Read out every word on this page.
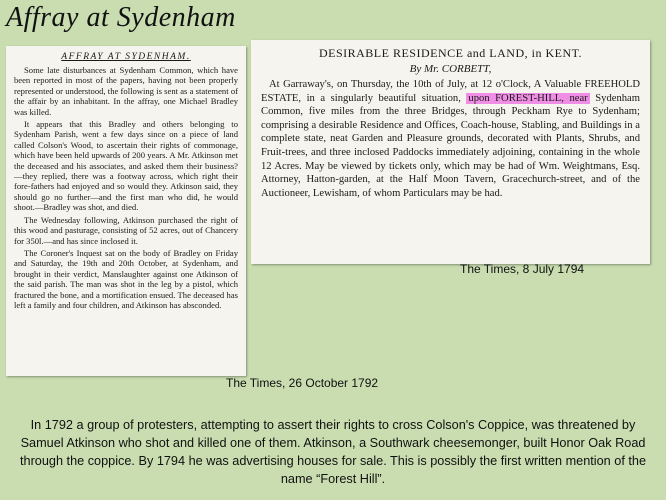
Affray at Sydenham
AFFRAY AT SYDENHAM.

Some late disturbances at Sydenham Common, which have been reported in most of the papers, having not been properly represented or understood, the following is sent as a statement of the affair by an inhabitant. In the affray, one Michael Bradley was killed.

It appears that this Bradley and others belonging to Sydenham Parish, went a few days since on a piece of land called Colson's Wood, to ascertain their rights of commonage, which have been held upwards of 200 years. A Mr. Atkinson met the deceased and his associates, and asked them their business?—they replied, there was a footway across, which right their fore-fathers had enjoyed and so would they. Atkinson said, they should go no further—and the first man who did, he would shoot.—Bradley was shot, and died.

The Wednesday following, Atkinson purchased the right of this wood and pasturage, consisting of 52 acres, out of Chancery for 350l.—and has since inclosed it.

The Coroner's Inquest sat on the body of Bradley on Friday and Saturday, the 19th and 20th October, at Sydenham, and brought in their verdict, Manslaughter against one Atkinson of the said parish. The man was shot in the leg by a pistol, which fractured the bone, and a mortification ensued. The deceased has left a family and four children, and Atkinson has absconded.

DESIRABLE RESIDENCE and LAND, in KENT.
By Mr. CORBETT,

At Garraway's, on Thursday, the 10th of July, at 12 o'Clock, A Valuable FREEHOLD ESTATE, in a singularly beautiful situation, upon FOREST-HILL, near Sydenham Common, five miles from the three Bridges, through Peckham Rye to Sydenham; comprising a desirable Residence and Offices, Coach-house, Stabling, and Buildings in a complete state, neat Garden and Pleasure grounds, decorated with Plants, Shrubs, and Fruit-trees, and three inclosed Paddocks immediately adjoining, containing in the whole 12 Acres. May be viewed by tickets only, which may be had of Wm. Weightmans, Esq. Attorney, Hatton-garden, at the Half Moon Tavern, Gracechurch-street, and of the Auctioneer, Lewisham, of whom Particulars may be had.

The Times, 8 July 1794
The Times, 26 October 1792
In 1792 a group of protesters, attempting to assert their rights to cross Colson's Coppice, was threatened by Samuel Atkinson who shot and killed one of them. Atkinson, a Southwark cheesemonger, built Honor Oak Road through the coppice. By 1794 he was advertising houses for sale. This is possibly the first written mention of the name “Forest Hill”.
